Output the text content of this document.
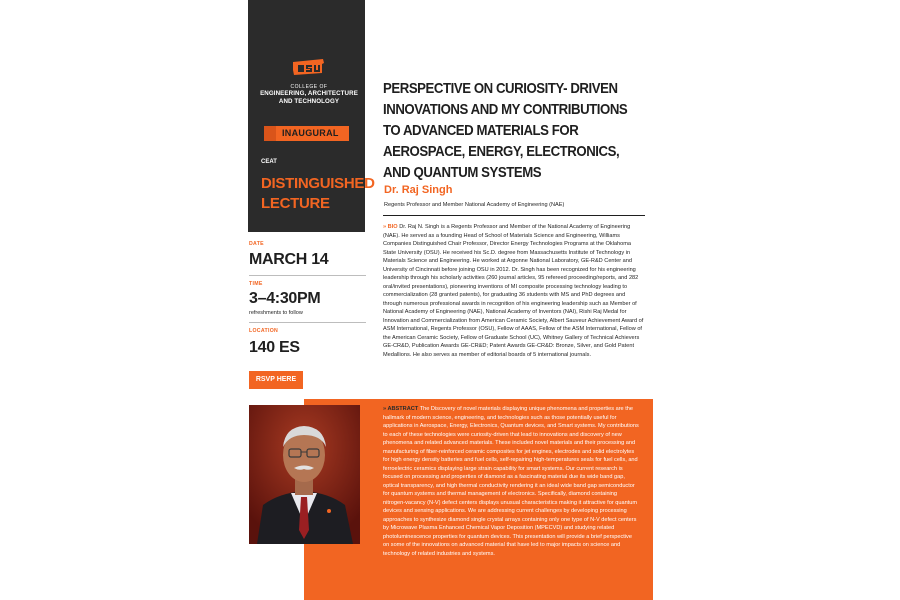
COLLEGE OF
ENGINEERING, ARCHITECTURE AND TECHNOLOGY
INAUGURAL
CEAT
DISTINGUISHED LECTURE
DATE
MARCH 14
TIME
3–4:30PM
refreshments to follow
LOCATION
140 ES
RSVP HERE
PERSPECTIVE ON CURIOSITY- DRIVEN
INNOVATIONS AND MY CONTRIBUTIONS
TO ADVANCED MATERIALS FOR
AEROSPACE, ENERGY, ELECTRONICS,
AND QUANTUM SYSTEMS
Dr. Raj Singh
Regents Professor and Member National Academy of Engineering (NAE)
» BIO Dr. Raj N. Singh is a Regents Professor and Member of the National Academy of Engineering (NAE). He served as a founding Head of School of Materials Science and Engineering, Williams Companies Distinguished Chair Professor, Director Energy Technologies Programs at the Oklahoma State University (OSU). He received his Sc.D. degree from Massachusetts Institute of Technology in Materials Science and Engineering. He worked at Argonne National Laboratory, GE-R&D Center and University of Cincinnati before joining OSU in 2012. Dr. Singh has been recognized for his engineering leadership through his scholarly activities (260 journal articles, 95 refereed proceeding/reports, and 282 oral/invited presentations), pioneering inventions of MI composite processing technology leading to commercialization (28 granted patents), for graduating 36 students with MS and PhD degrees and through numerous professional awards in recognition of his engineering leadership such as Member of National Academy of Engineering (NAE), National Academy of Inventors (NAI), Rishi Raj Medal for Innovation and Commercialization from American Ceramic Society, Albert Sauveur Achievement Award of ASM International, Regents Professor (OSU), Fellow of AAAS, Fellow of the ASM International, Fellow of the American Ceramic Society, Fellow of Graduate School (UC), Whitney Gallery of Technical Achievers GE-CR&D, Publication Awards GE-CR&D; Patent Awards GE-CR&D: Bronze, Silver, and Gold Patent Medallions. He also serves as member of editorial boards of 5 international journals.
» ABSTRACT The Discovery of novel materials displaying unique phenomena and properties are the hallmark of modern science, engineering, and technologies such as those potentially useful for applications in Aerospace, Energy, Electronics, Quantum devices, and Smart systems. My contributions to each of these technologies were curiosity-driven that lead to innovations and discovery of new phenomena and related advanced materials. These included novel materials and their processing and manufacturing of fiber-reinforced ceramic composites for jet engines, electrodes and solid electrolytes for high energy density batteries and fuel cells, self-repairing high-temperatures seals for fuel cells, and ferroelectric ceramics displaying large strain capability for smart systems. Our current research is focused on processing and properties of diamond as a fascinating material due its wide band gap, optical transparency, and high thermal conductivity rendering it an ideal wide band gap semiconductor for quantum systems and thermal management of electronics. Specifically, diamond containing nitrogen-vacancy (N-V) defect centers displays unusual characteristics making it attractive for quantum devices and sensing applications. We are addressing current challenges by developing processing approaches to synthesize diamond single crystal arrays containing only one type of N-V defect centers by Microwave Plasma Enhanced Chemical Vapor Deposition (MPECVD) and studying related photoluminescence properties for quantum devices. This presentation will provide a brief perspective on some of the innovations on advanced material that have led to major impacts on science and technology of related industries and systems.
